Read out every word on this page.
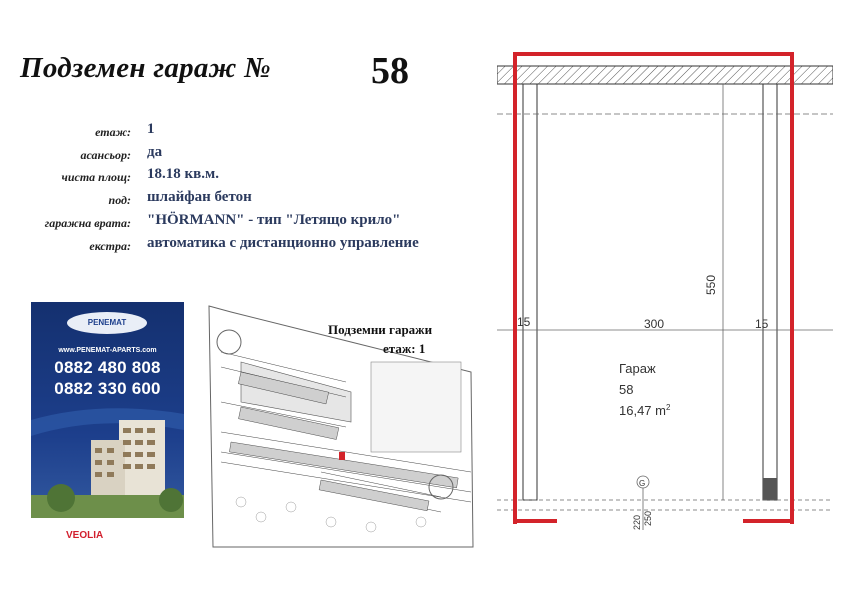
Подземен гараж №	58
етаж: 1
асансьор: да
чиста площ: 18.18 кв.м.
под: шлайфан бетон
гаражна врата: "HÖRMANN" - тип "Летящо крило"
екстра: автоматика с дистанционно управление
PENEMAT
www.PENEMAT-APARTS.com
0882 480 808
0882 330 600
VEOLIA
Подземни гаражи
етаж: 1
550
15	300	15
Гараж
58
16,47 $m^2$
G
250
220
